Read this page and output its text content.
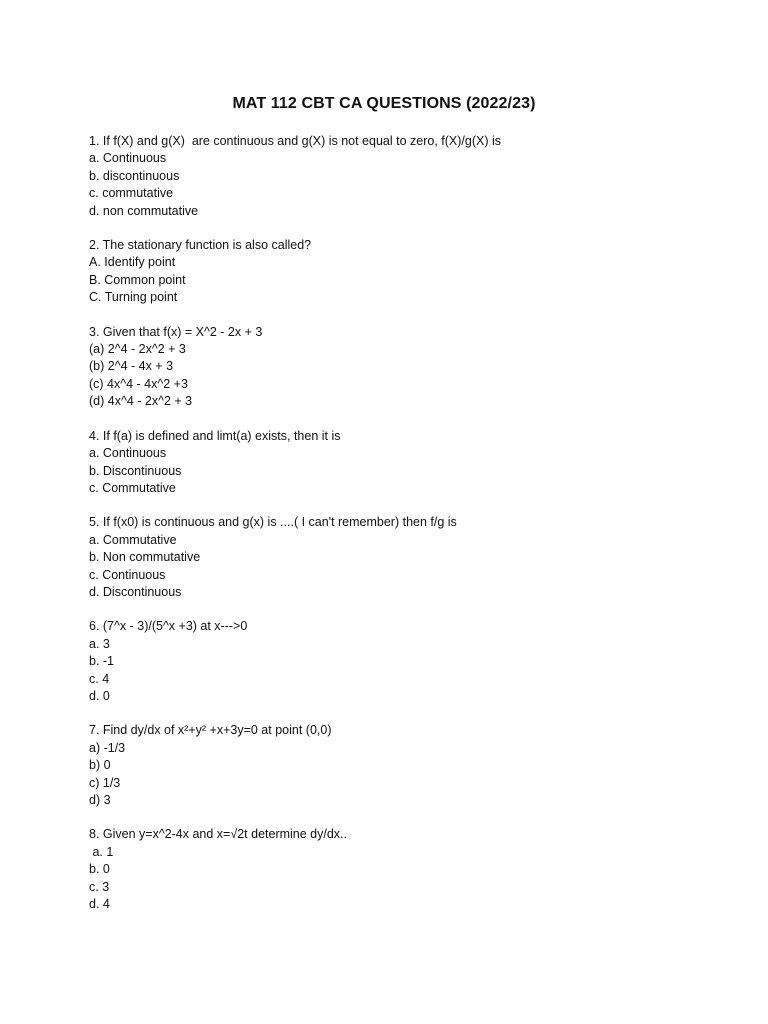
MAT 112 CBT CA QUESTIONS (2022/23)
1. If f(X) and g(X)  are continuous and g(X) is not equal to zero, f(X)/g(X) is
a. Continuous
b. discontinuous
c. commutative
d. non commutative
2. The stationary function is also called?
A. Identify point
B. Common point
C. Turning point
3. Given that f(x) = X^2 - 2x + 3
(a) 2^4 - 2x^2 + 3
(b) 2^4 - 4x + 3
(c) 4x^4 - 4x^2 +3
(d) 4x^4 - 2x^2 + 3
4. If f(a) is defined and limt(a) exists, then it is
a. Continuous
b. Discontinuous
c. Commutative
5. If f(x0) is continuous and g(x) is ....( I can't remember) then f/g is
a. Commutative
b. Non commutative
c. Continuous
d. Discontinuous
6. (7^x - 3)/(5^x +3) at x--->0
a. 3
b. -1
c. 4
d. 0
7. Find dy/dx of x²+y² +x+3y=0 at point (0,0)
a) -1/3
b) 0
c) 1/3
d) 3
8. Given y=x^2-4x and x=√2t determine dy/dx..
a. 1
b. 0
c. 3
d. 4
